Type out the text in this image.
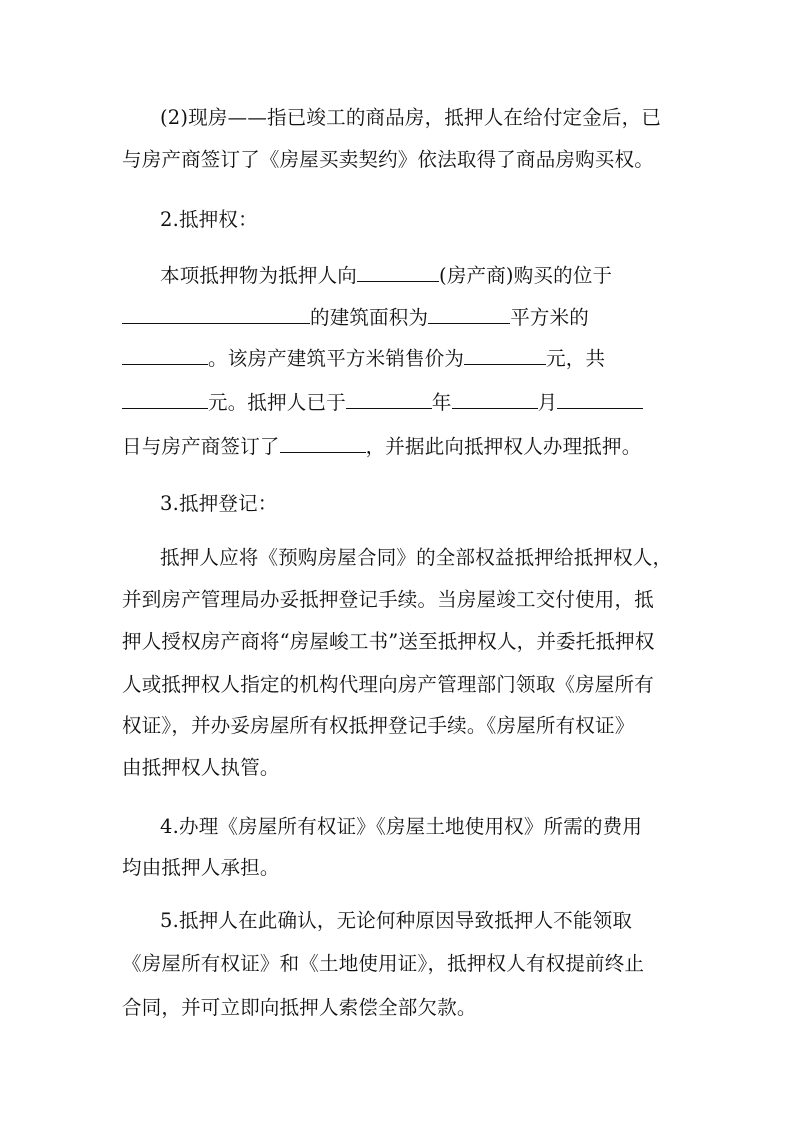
(2)现房——指已竣工的商品房，抵押人在给付定金后，已
与房产商签订了《房屋买卖契约》依法取得了商品房购买权。
2.抵押权：
本项抵押物为抵押人向	(房产商)购买的位于
的建筑面积为	平方米的
。该房产建筑平方米销售价为	元，共
元。抵押人已于	年	月
日与房产商签订了	，并据此向抵押权人办理抵押。
3.抵押登记：
抵押人应将《预购房屋合同》的全部权益抵押给抵押权人，
并到房产管理局办妥抵押登记手续。当房屋竣工交付使用，抵
押人授权房产商将“房屋峻工书”送至抵押权人，并委托抵押权
人或抵押权人指定的机构代理向房产管理部门领取《房屋所有
权证》，并办妥房屋所有权抵押登记手续。《房屋所有权证》
由抵押权人执管。
4.办理《房屋所有权证》《房屋土地使用权》所需的费用
均由抵押人承担。
5.抵押人在此确认，无论何种原因导致抵押人不能领取
《房屋所有权证》和《土地使用证》，抵押权人有权提前终止
合同，并可立即向抵押人索偿全部欠款。
